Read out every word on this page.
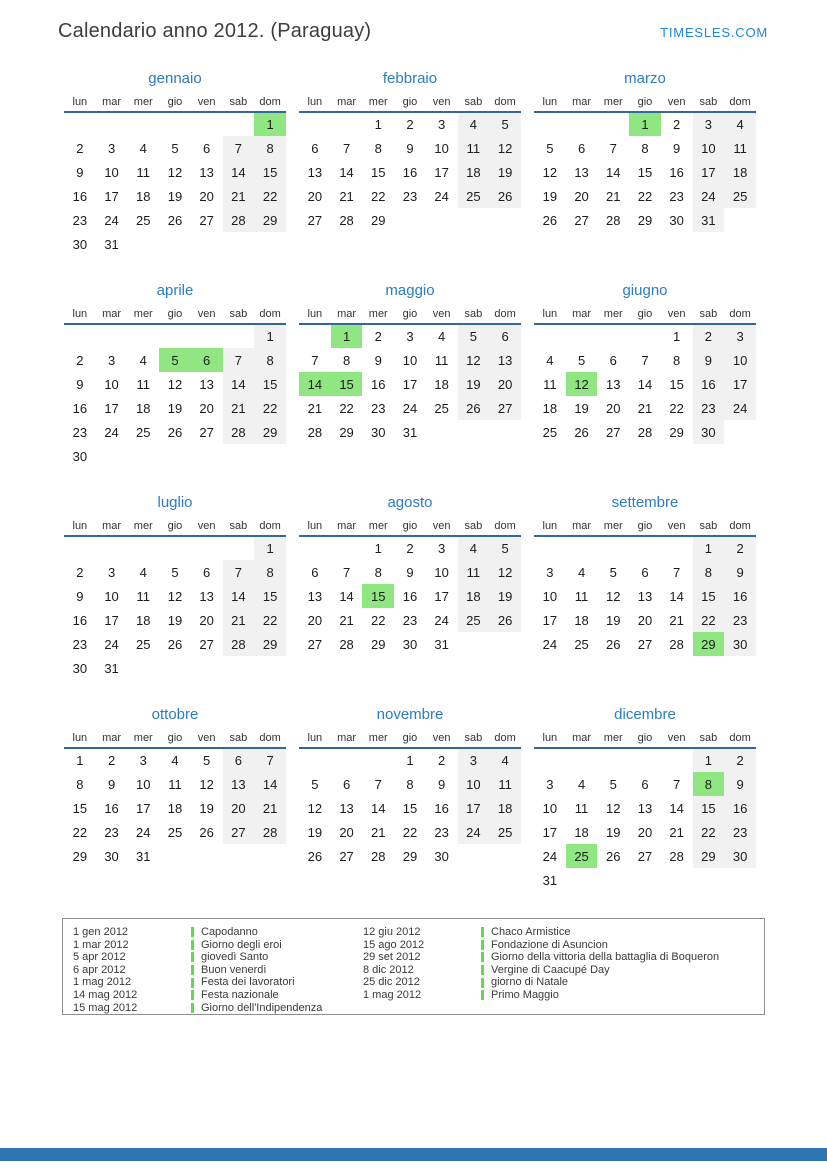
Calendario anno 2012. (Paraguay)	TIMESLES.COM
gennaio
lun	mar	mer	gio	ven	sab	dom
						1
2	3	4	5	6	7	8
9	10	11	12	13	14	15
16	17	18	19	20	21	22
23	24	25	26	27	28	29
30	31					
febbraio
lun	mar	mer	gio	ven	sab	dom
		1	2	3	4	5
6	7	8	9	10	11	12
13	14	15	16	17	18	19
20	21	22	23	24	25	26
27	28	29				
marzo
lun	mar	mer	gio	ven	sab	dom
			1	2	3	4
5	6	7	8	9	10	11
12	13	14	15	16	17	18
19	20	21	22	23	24	25
26	27	28	29	30	31	
aprile
lun	mar	mer	gio	ven	sab	dom
						1
2	3	4	5	6	7	8
9	10	11	12	13	14	15
16	17	18	19	20	21	22
23	24	25	26	27	28	29
30						
maggio
lun	mar	mer	gio	ven	sab	dom
	1	2	3	4	5	6
7	8	9	10	11	12	13
14	15	16	17	18	19	20
21	22	23	24	25	26	27
28	29	30	31			
giugno
lun	mar	mer	gio	ven	sab	dom
				1	2	3
4	5	6	7	8	9	10
11	12	13	14	15	16	17
18	19	20	21	22	23	24
25	26	27	28	29	30	
luglio
lun	mar	mer	gio	ven	sab	dom
						1
2	3	4	5	6	7	8
9	10	11	12	13	14	15
16	17	18	19	20	21	22
23	24	25	26	27	28	29
30	31					
agosto
lun	mar	mer	gio	ven	sab	dom
		1	2	3	4	5
6	7	8	9	10	11	12
13	14	15	16	17	18	19
20	21	22	23	24	25	26
27	28	29	30	31		
settembre
lun	mar	mer	gio	ven	sab	dom
					1	2
3	4	5	6	7	8	9
10	11	12	13	14	15	16
17	18	19	20	21	22	23
24	25	26	27	28	29	30
ottobre
lun	mar	mer	gio	ven	sab	dom
1	2	3	4	5	6	7
8	9	10	11	12	13	14
15	16	17	18	19	20	21
22	23	24	25	26	27	28
29	30	31				
novembre
lun	mar	mer	gio	ven	sab	dom
			1	2	3	4
5	6	7	8	9	10	11
12	13	14	15	16	17	18
19	20	21	22	23	24	25
26	27	28	29	30		
dicembre
lun	mar	mer	gio	ven	sab	dom
					1	2
3	4	5	6	7	8	9
10	11	12	13	14	15	16
17	18	19	20	21	22	23
24	25	26	27	28	29	30
31						
1 gen 2012	Capodanno
1 mar 2012	Giorno degli eroi
5 apr 2012	giovedì Santo
6 apr 2012	Buon venerdì
1 mag 2012	Festa dei lavoratori
14 mag 2012	Festa nazionale
15 mag 2012	Giorno dell'Indipendenza
12 giu 2012	Chaco Armistice
15 ago 2012	Fondazione di Asuncion
29 set 2012	Giorno della vittoria della battaglia di Boqueron
8 dic 2012	Vergine di Caacupé Day
25 dic 2012	giorno di Natale
1 mag 2012	Primo Maggio
